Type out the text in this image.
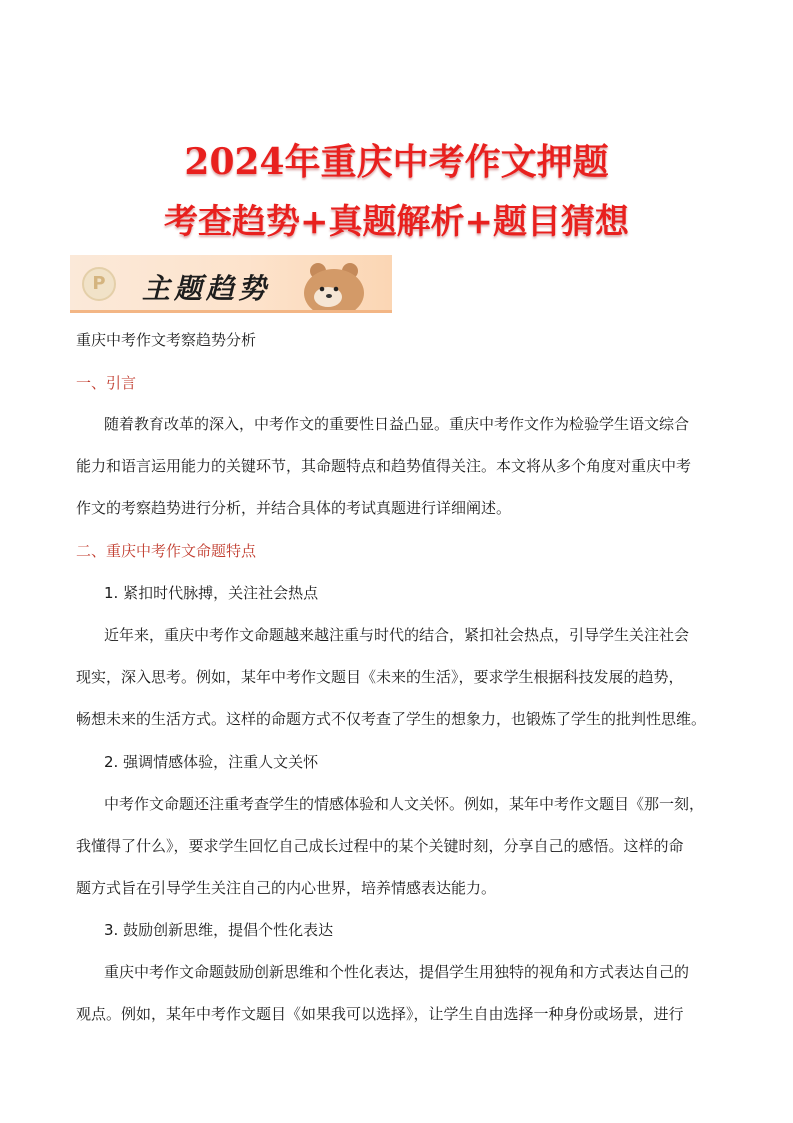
2024年重庆中考作文押题
考查趋势+真题解析+题目猜想
P	主题趋势
重庆中考作文考察趋势分析
一、引言
随着教育改革的深入，中考作文的重要性日益凸显。重庆中考作文作为检验学生语文综合
能力和语言运用能力的关键环节，其命题特点和趋势值得关注。本文将从多个角度对重庆中考
作文的考察趋势进行分析，并结合具体的考试真题进行详细阐述。
二、重庆中考作文命题特点
1. 紧扣时代脉搏，关注社会热点
近年来，重庆中考作文命题越来越注重与时代的结合，紧扣社会热点，引导学生关注社会
现实，深入思考。例如，某年中考作文题目《未来的生活》，要求学生根据科技发展的趋势，
畅想未来的生活方式。这样的命题方式不仅考查了学生的想象力，也锻炼了学生的批判性思维。
2. 强调情感体验，注重人文关怀
中考作文命题还注重考查学生的情感体验和人文关怀。例如，某年中考作文题目《那一刻，
我懂得了什么》，要求学生回忆自己成长过程中的某个关键时刻，分享自己的感悟。这样的命
题方式旨在引导学生关注自己的内心世界，培养情感表达能力。
3. 鼓励创新思维，提倡个性化表达
重庆中考作文命题鼓励创新思维和个性化表达，提倡学生用独特的视角和方式表达自己的
观点。例如，某年中考作文题目《如果我可以选择》，让学生自由选择一种身份或场景，进行
